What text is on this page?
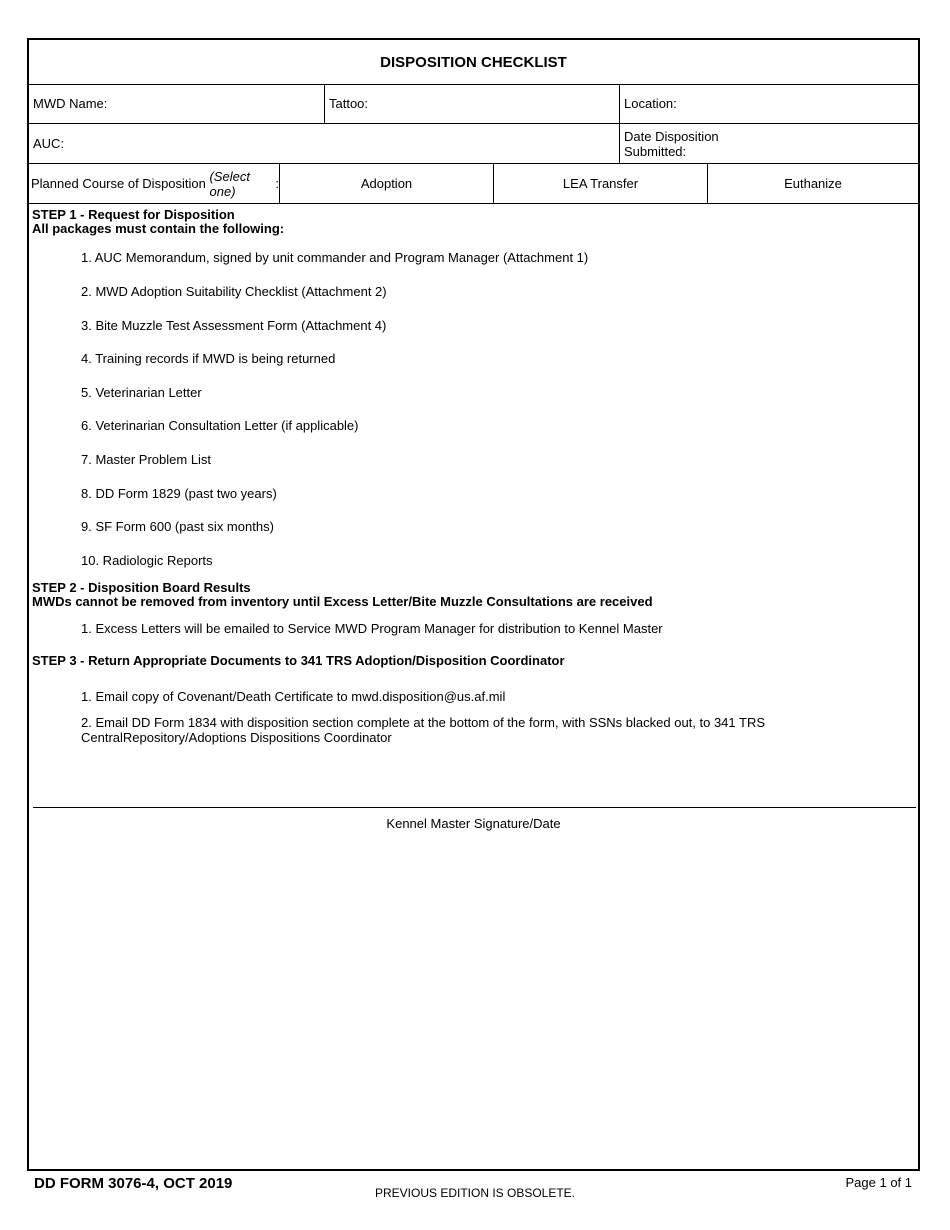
DISPOSITION CHECKLIST
MWD Name:	Tattoo:	Location:
AUC:	Date Disposition
Submitted:
Planned Course of Disposition (Select one)	:	Adoption	LEA Transfer	Euthanize
STEP 1 - Request for Disposition
All packages must contain the following:
1. AUC Memorandum, signed by unit commander and Program Manager (Attachment 1)
2. MWD Adoption Suitability Checklist (Attachment 2)
3. Bite Muzzle Test Assessment Form (Attachment 4)
4. Training records if MWD is being returned
5. Veterinarian Letter
6. Veterinarian Consultation Letter (if applicable)
7. Master Problem List
8. DD Form 1829 (past two years)
9. SF Form 600 (past six months)
10. Radiologic Reports
STEP 2 - Disposition Board Results
MWDs cannot be removed from inventory until Excess Letter/Bite Muzzle Consultations are received
1. Excess Letters will be emailed to Service MWD Program Manager for distribution to Kennel Master
STEP 3 - Return Appropriate Documents to 341 TRS Adoption/Disposition Coordinator
1. Email copy of Covenant/Death Certificate to mwd.disposition@us.af.mil
2. Email DD Form 1834 with disposition section complete at the bottom of the form, with SSNs blacked out, to 341 TRS CentralRepository/Adoptions Dispositions Coordinator
Kennel Master Signature/Date
DD FORM 3076-4, OCT 2019
PREVIOUS EDITION IS OBSOLETE.
Page 1 of 1
